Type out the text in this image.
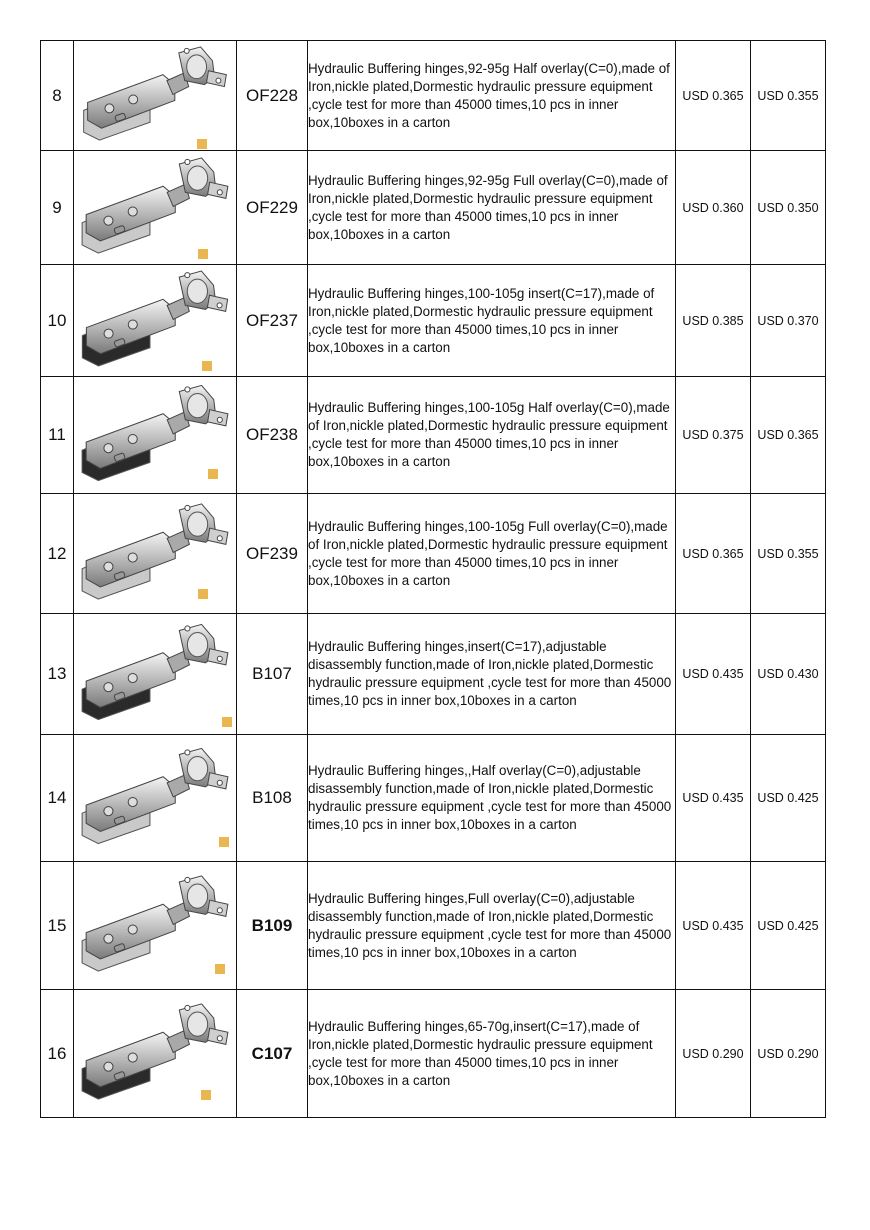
8		OF228	Hydraulic Buffering hinges,92-95g Half overlay(C=0),made of Iron,nickle plated,Dormestic hydraulic pressure equipment ,cycle test for more than 45000 times,10 pcs in inner box,10boxes in a carton	USD 0.365	USD 0.355
9		OF229	Hydraulic Buffering hinges,92-95g Full overlay(C=0),made of Iron,nickle plated,Dormestic hydraulic pressure equipment ,cycle test for more than 45000 times,10 pcs in inner box,10boxes in a carton	USD 0.360	USD 0.350
10		OF237	Hydraulic Buffering hinges,100-105g insert(C=17),made of Iron,nickle plated,Dormestic hydraulic pressure equipment ,cycle test for more than 45000 times,10 pcs in inner box,10boxes in a carton	USD 0.385	USD 0.370
11		OF238	Hydraulic Buffering hinges,100-105g Half overlay(C=0),made of Iron,nickle plated,Dormestic hydraulic pressure equipment ,cycle test for more than 45000 times,10 pcs in inner box,10boxes in a carton	USD 0.375	USD 0.365
12		OF239	Hydraulic Buffering hinges,100-105g Full overlay(C=0),made of Iron,nickle plated,Dormestic hydraulic pressure equipment ,cycle test for more than 45000 times,10 pcs in inner box,10boxes in a carton	USD 0.365	USD 0.355
13		B107	Hydraulic Buffering hinges,insert(C=17),adjustable disassembly function,made of Iron,nickle plated,Dormestic hydraulic pressure equipment ,cycle test for more than 45000 times,10 pcs in inner box,10boxes in a carton	USD 0.435	USD 0.430
14		B108	Hydraulic Buffering hinges,,Half overlay(C=0),adjustable disassembly function,made of Iron,nickle plated,Dormestic hydraulic pressure equipment ,cycle test for more than 45000 times,10 pcs in inner box,10boxes in a carton	USD 0.435	USD 0.425
15		B109	Hydraulic Buffering hinges,Full overlay(C=0),adjustable disassembly function,made of Iron,nickle plated,Dormestic hydraulic pressure equipment ,cycle test for more than 45000 times,10 pcs in inner box,10boxes in a carton	USD 0.435	USD 0.425
16		C107	Hydraulic Buffering hinges,65-70g,insert(C=17),made of Iron,nickle plated,Dormestic hydraulic pressure equipment ,cycle test for more than 45000 times,10 pcs in inner box,10boxes in a carton	USD 0.290	USD 0.290
